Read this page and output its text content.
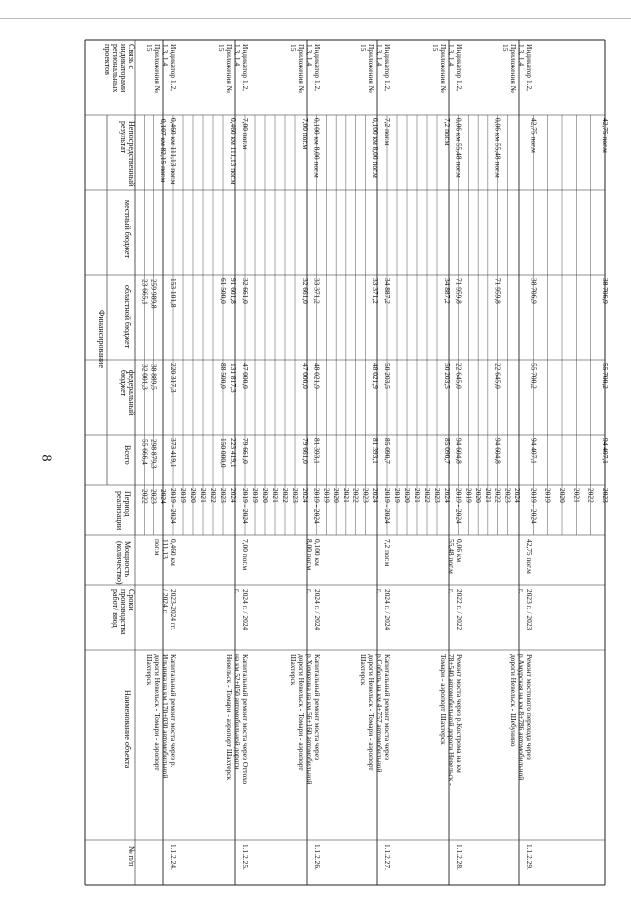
8
№ п/п
Наименование объекта
Сроки
производства
работ/ ввод
Мощность
(количество)
Период
реализации
Финансирование
Всего
федеральный
бюджет
областной бюджет
местный бюджет
Непосредственный
результат
Связь с
индикаторами
региональных
проектов
2022
55 666,4
32 001,3
23 665,1
2023
298 879,3
38 889,5
259 989,8
2024
0,107 км 82,15 пог.м
1.1.2.24.
Капитальный ремонт моста через р.
Ильинка на км 170+030 автомобильной
дороги Невельск - Томари - аэропорт
Шахтерск
2023-2024 гг.
/ 2024 г.
0,460 км
111,13
пог.м
Индикатор 1.2,
1.3, 1.4
Приложения №
15
2019 - 2024
373 419,1
220 317,3
153 101,8
0,460 км 111,13 пог.м
2019 2020 2021 2022 2023
150 000,0
88 500,0
61 500,0
2024
223 419,1
131 817,3
91 601,8
0,460 км 111,13 пог.м
1.1.2.25.
Капитальный ремонт моста через Оттохо
на км 52+050 автомобильной дороги
Невельск - Томари - аэропорт Шахтерск
2024 г. / 2024
г.
7,00 пог.м
Индикатор 1.2,
1.3, 1.4
Приложения №
15
2019 - 2024
79 661,0
47 000,0
32 661,0
7,00 пог.м
2019 2020 2021 2022 2023 2024
79 661,0
47 000,0
32 661,0
7,00 пог.м
1.1.2.26.
Капитальный ремонт моста через
р.Химкенка на км 56+160 автомобильной
дороги Невельск - Томари - аэропорт
Шахтерск
2024 г. / 2024
г.
0,100 км
8,00 пог.м
Индикатор 1.2,
1.3, 1.4
Приложения №
15
2019 - 2024
81 393,1
48 021,9
33 371,2
0,100 км 8,00 пог.м
2019 2020 2021 2022 2023 2024
81 393,1
48 021,9
33 371,2
0,100 км 8,00 пог.м
1.1.2.27.
Капитальный ремонт моста через
р.Соболь на км 4+757 автомобильной
дороги Невельск - Томари - аэропорт
Шахтерск
2024 г. / 2024
г.
7,2 пог.м
Индикатор 1.2,
1.3, 1.4
Приложения №
15
2019 - 2024
85 090,7
50 203,5
34 887,2
7,2 пог.м
2019 2020 2021 2022 2023 2024
85 090,7
50 203,5
34 887,2
7,2 пог.м
1.1.2.28.
Ремонт моста через р.Кострома на км
78+540 автомобильной дороги Невельск -
Томари - аэропорт Шахтерск
2022 г. / 2022
г.
0,06 км
55,48 пог.м
Индикатор 1.2,
1.3, 1.4
Приложения №
15
2019 - 2024
94 604,8
22 645,0
71 959,8
0,06 км 55,48 пог.м
2019 2020 2021 2022
94 604,8
22 645,0
71 959,8
0,06 км 55,48 пог.м
2023 2024
1.1.2.29.
Ремонт мостового перехода через
р.Амурская на км 8+786 автомобильной
дороги Невельск - Шебунино
2023 г. / 2023
г.
42,75 пог.м
Индикатор 1.2,
1.3, 1.4
Приложения №
15
2019 - 2024
94 407,1
55 700,2
38 706,9
42,75 пог.м
2019 2020 2021 2022 2023
94 407,1
55 700,2
38 706,9
42,75 пог.м
